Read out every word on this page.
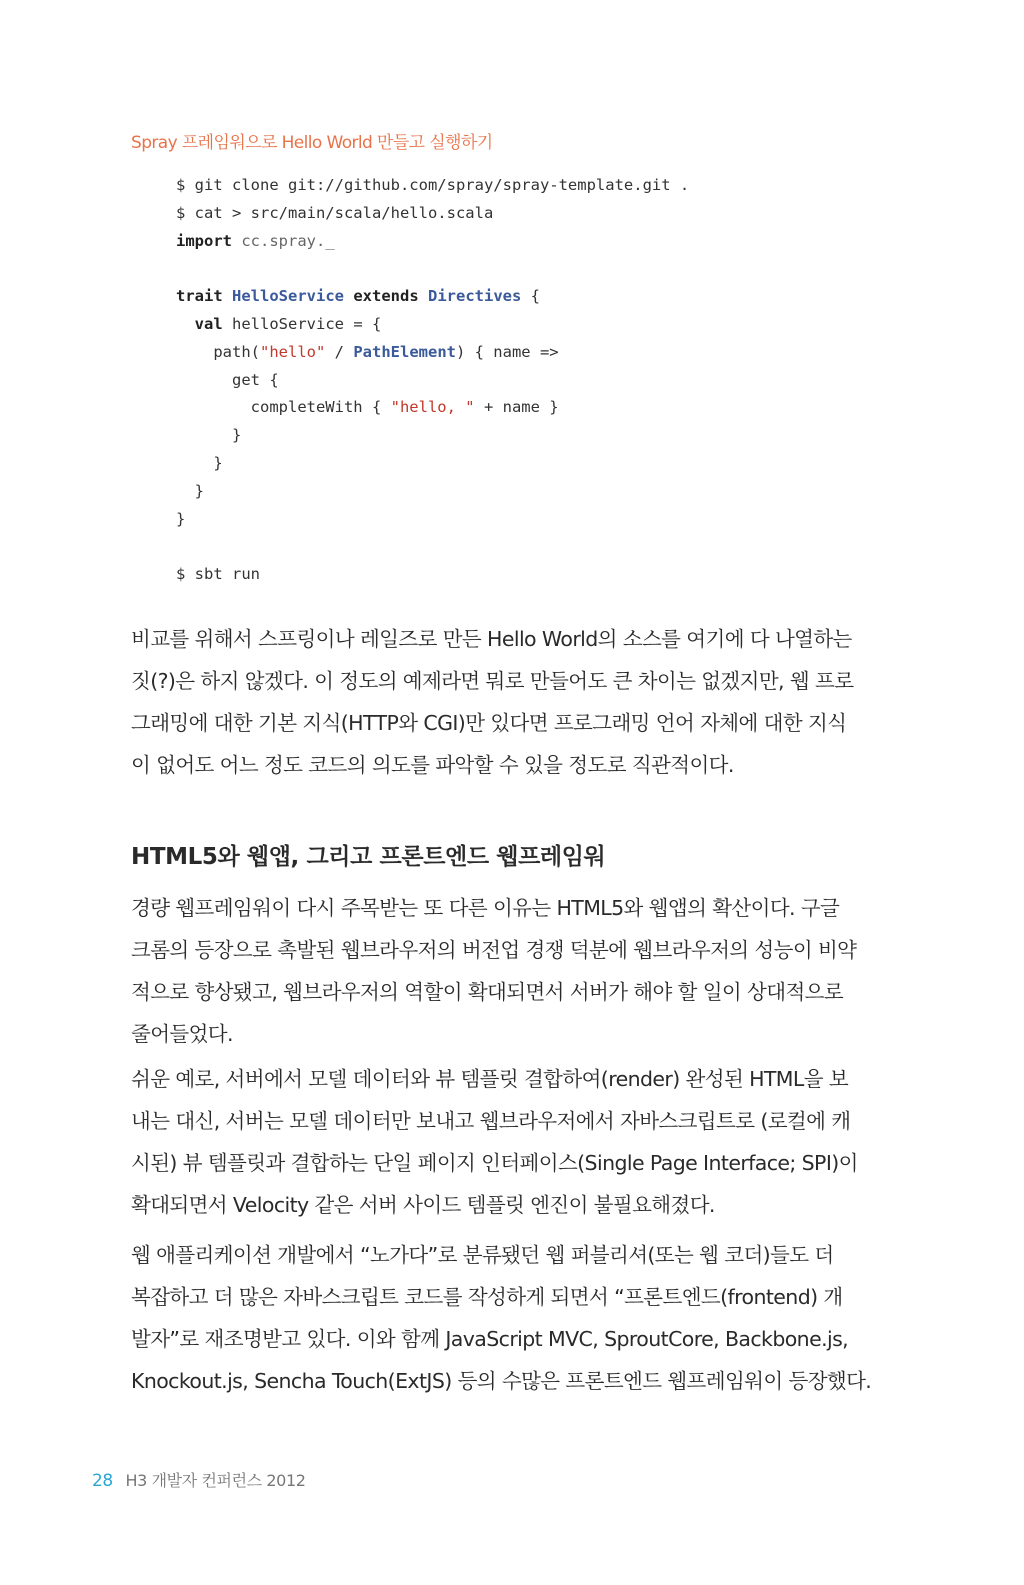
Spray 프레임워으로 Hello World 만들고 실행하기
$ git clone git://github.com/spray/spray-template.git .
$ cat > src/main/scala/hello.scala
import cc.spray._
trait HelloService extends Directives {
val helloService = {
path("hello" / PathElement) { name =>
get {
completeWith { "hello, " + name }
}
}
}
}
$ sbt run
비교를 위해서 스프링이나 레일즈로 만든 Hello World의 소스를 여기에 다 나열하는
짓(?)은 하지 않겠다. 이 정도의 예제라면 뭐로 만들어도 큰 차이는 없겠지만, 웹 프로
그래밍에 대한 기본 지식(HTTP와 CGI)만 있다면 프로그래밍 언어 자체에 대한 지식
이 없어도 어느 정도 코드의 의도를 파악할 수 있을 정도로 직관적이다.
HTML5와 웹앱, 그리고 프론트엔드 웹프레임워
경량 웹프레임워이 다시 주목받는 또 다른 이유는 HTML5와 웹앱의 확산이다. 구글
크롬의 등장으로 촉발된 웹브라우저의 버전업 경쟁 덕분에 웹브라우저의 성능이 비약
적으로 향상됐고, 웹브라우저의 역할이 확대되면서 서버가 해야 할 일이 상대적으로
줄어들었다.
쉬운 예로, 서버에서 모델 데이터와 뷰 템플릿 결합하여(render) 완성된 HTML을 보
내는 대신, 서버는 모델 데이터만 보내고 웹브라우저에서 자바스크립트로 (로컬에 캐
시된) 뷰 템플릿과 결합하는 단일 페이지 인터페이스(Single Page Interface; SPI)이
확대되면서 Velocity 같은 서버 사이드 템플릿 엔진이 불필요해졌다.
웹 애플리케이션 개발에서 “노가다”로 분류됐던 웹 퍼블리셔(또는 웹 코더)들도 더
복잡하고 더 많은 자바스크립트 코드를 작성하게 되면서 “프론트엔드(frontend) 개
발자”로 재조명받고 있다. 이와 함께 JavaScript MVC, SproutCore, Backbone.js,
Knockout.js, Sencha Touch(ExtJS) 등의 수많은 프론트엔드 웹프레임워이 등장했다.
28 H3 개발자 컨퍼런스 2012
